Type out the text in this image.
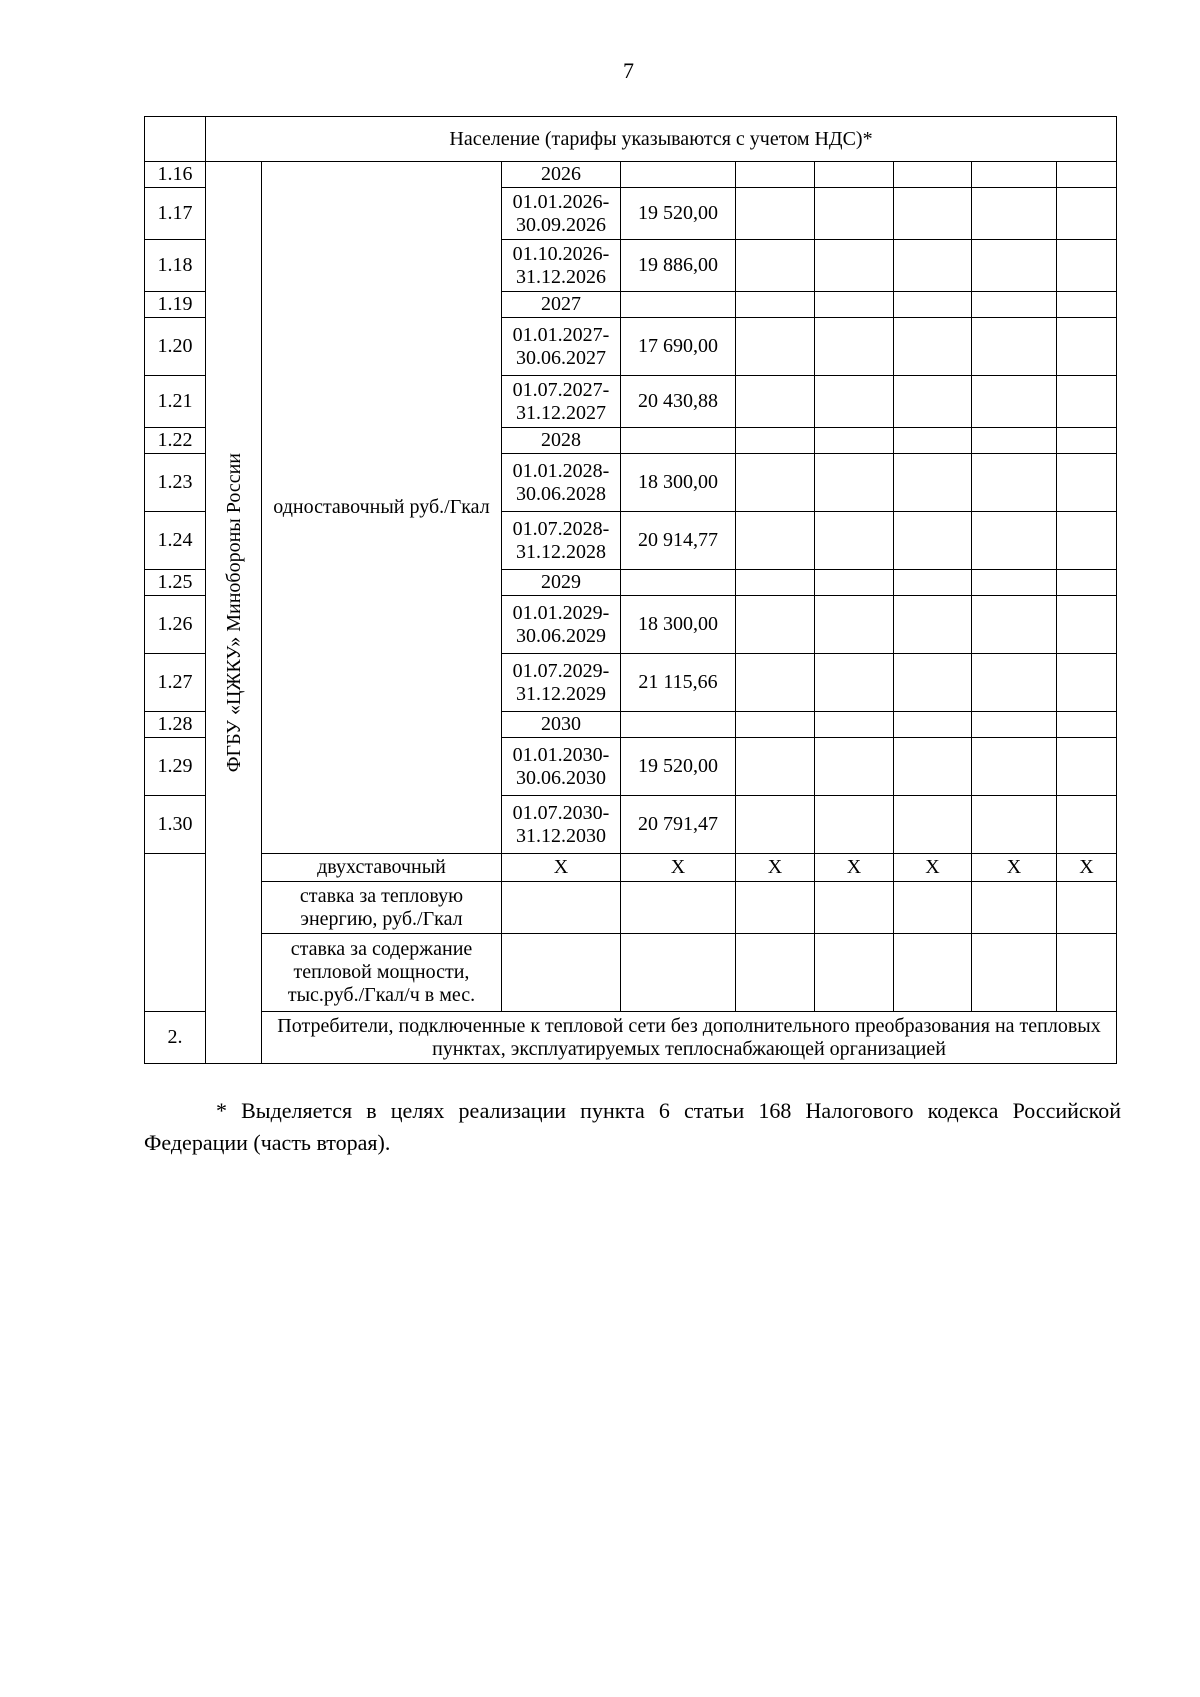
7
	Население (тарифы указываются с учетом НДС)*								
1.16	ФГБУ «ЦЖКУ» Минобороны России	одноставочный руб./Гкал	2026						
1.17			01.01.2026-30.09.2026	19 520,00					
1.18			01.10.2026-31.12.2026	19 886,00					
1.19			2027						
1.20			01.01.2027-30.06.2027	17 690,00					
1.21			01.07.2027-31.12.2027	20 430,88					
1.22			2028						
1.23			01.01.2028-30.06.2028	18 300,00					
1.24			01.07.2028-31.12.2028	20 914,77					
1.25			2029						
1.26			01.01.2029-30.06.2029	18 300,00					
1.27			01.07.2029-31.12.2029	21 115,66					
1.28			2030						
1.29			01.01.2030-30.06.2030	19 520,00					
1.30			01.07.2030-31.12.2030	20 791,47					
		двухставочный	X	X	X	X	X	X	X
		ставка за тепловую энергию, руб./Гкал							
		ставка за содержание тепловой мощности, тыс.руб./Гкал/ч в мес.							
2.		Потребители, подключенные к тепловой сети без дополнительного преобразования на тепловых пунктах, эксплуатируемых теплоснабжающей организацией							
* Выделяется в целях реализации пункта 6 статьи 168 Налогового кодекса Российской Федерации (часть вторая).
